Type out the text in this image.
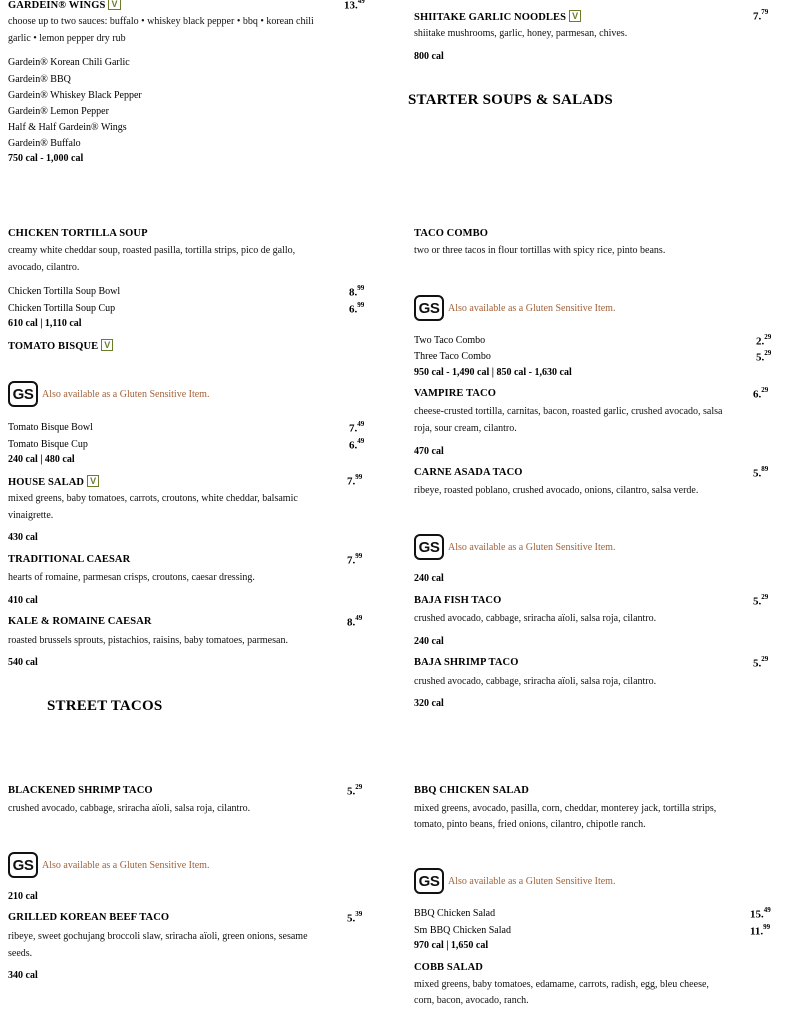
GARDEIN® WINGS V	13.49
choose up to two sauces: buffalo • whiskey black pepper • bbq • korean chili
garlic • lemon pepper dry rub
Gardein® Korean Chili Garlic
Gardein® BBQ
Gardein® Whiskey Black Pepper
Gardein® Lemon Pepper
Half & Half Gardein® Wings
Gardein® Buffalo
750 cal - 1,000 cal
CHICKEN TORTILLA SOUP
creamy white cheddar soup, roasted pasilla, tortilla strips, pico de gallo,
avocado, cilantro.
Chicken Tortilla Soup Bowl	8.99
Chicken Tortilla Soup Cup	6.99
610 cal | 1,110 cal
TOMATO BISQUE V
GS Also available as a Gluten Sensitive Item.
Tomato Bisque Bowl	7.49
Tomato Bisque Cup	6.49
240 cal | 480 cal
HOUSE SALAD V	7.99
mixed greens, baby tomatoes, carrots, croutons, white cheddar, balsamic
vinaigrette.
430 cal
TRADITIONAL CAESAR	7.99
hearts of romaine, parmesan crisps, croutons, caesar dressing.
410 cal
KALE & ROMAINE CAESAR	8.49
roasted brussels sprouts, pistachios, raisins, baby tomatoes, parmesan.
540 cal
STREET TACOS
BLACKENED SHRIMP TACO	5.29
crushed avocado, cabbage, sriracha aïoli, salsa roja, cilantro.
GS Also available as a Gluten Sensitive Item.
210 cal
GRILLED KOREAN BEEF TACO	5.39
ribeye, sweet gochujang broccoli slaw, sriracha aïoli, green onions, sesame
seeds.
340 cal
SHIITAKE GARLIC NOODLES V	7.79
shiitake mushrooms, garlic, honey, parmesan, chives.
800 cal
STARTER SOUPS & SALADS
TACO COMBO
two or three tacos in flour tortillas with spicy rice, pinto beans.
GS Also available as a Gluten Sensitive Item.
Two Taco Combo	2.29
Three Taco Combo	5.29
950 cal - 1,490 cal | 850 cal - 1,630 cal
VAMPIRE TACO	6.29
cheese-crusted tortilla, carnitas, bacon, roasted garlic, crushed avocado, salsa
roja, sour cream, cilantro.
470 cal
CARNE ASADA TACO	5.89
ribeye, roasted poblano, crushed avocado, onions, cilantro, salsa verde.
GS Also available as a Gluten Sensitive Item.
240 cal
BAJA FISH TACO	5.29
crushed avocado, cabbage, sriracha aïoli, salsa roja, cilantro.
240 cal
BAJA SHRIMP TACO	5.29
crushed avocado, cabbage, sriracha aïoli, salsa roja, cilantro.
320 cal
BBQ CHICKEN SALAD
mixed greens, avocado, pasilla, corn, cheddar, monterey jack, tortilla strips,
tomato, pinto beans, fried onions, cilantro, chipotle ranch.
GS Also available as a Gluten Sensitive Item.
BBQ Chicken Salad	15.49
Sm BBQ Chicken Salad	11.99
970 cal | 1,650 cal
COBB SALAD
mixed greens, baby tomatoes, edamame, carrots, radish, egg, bleu cheese,
corn, bacon, avocado, ranch.
